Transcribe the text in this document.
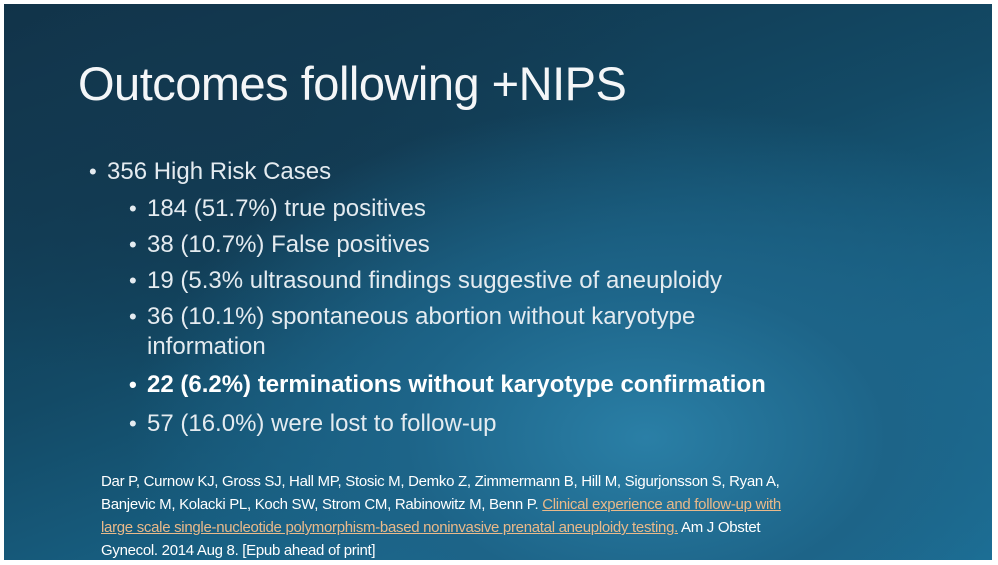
Outcomes following +NIPS
• 356 High Risk Cases
• 184 (51.7%) true positives
• 38 (10.7%) False positives
• 19 (5.3% ultrasound findings suggestive of aneuploidy
• 36 (10.1%) spontaneous abortion without karyotype
information
• 22 (6.2%) terminations without karyotype confirmation
• 57 (16.0%) were lost to follow-up
Dar P, Curnow KJ, Gross SJ, Hall MP, Stosic M, Demko Z, Zimmermann B, Hill M, Sigurjonsson S, Ryan A,
Banjevic M, Kolacki PL, Koch SW, Strom CM, Rabinowitz M, Benn P. Clinical experience and follow-up with
large scale single-nucleotide polymorphism-based noninvasive prenatal aneuploidy testing. Am J Obstet
Gynecol. 2014 Aug 8. [Epub ahead of print]
